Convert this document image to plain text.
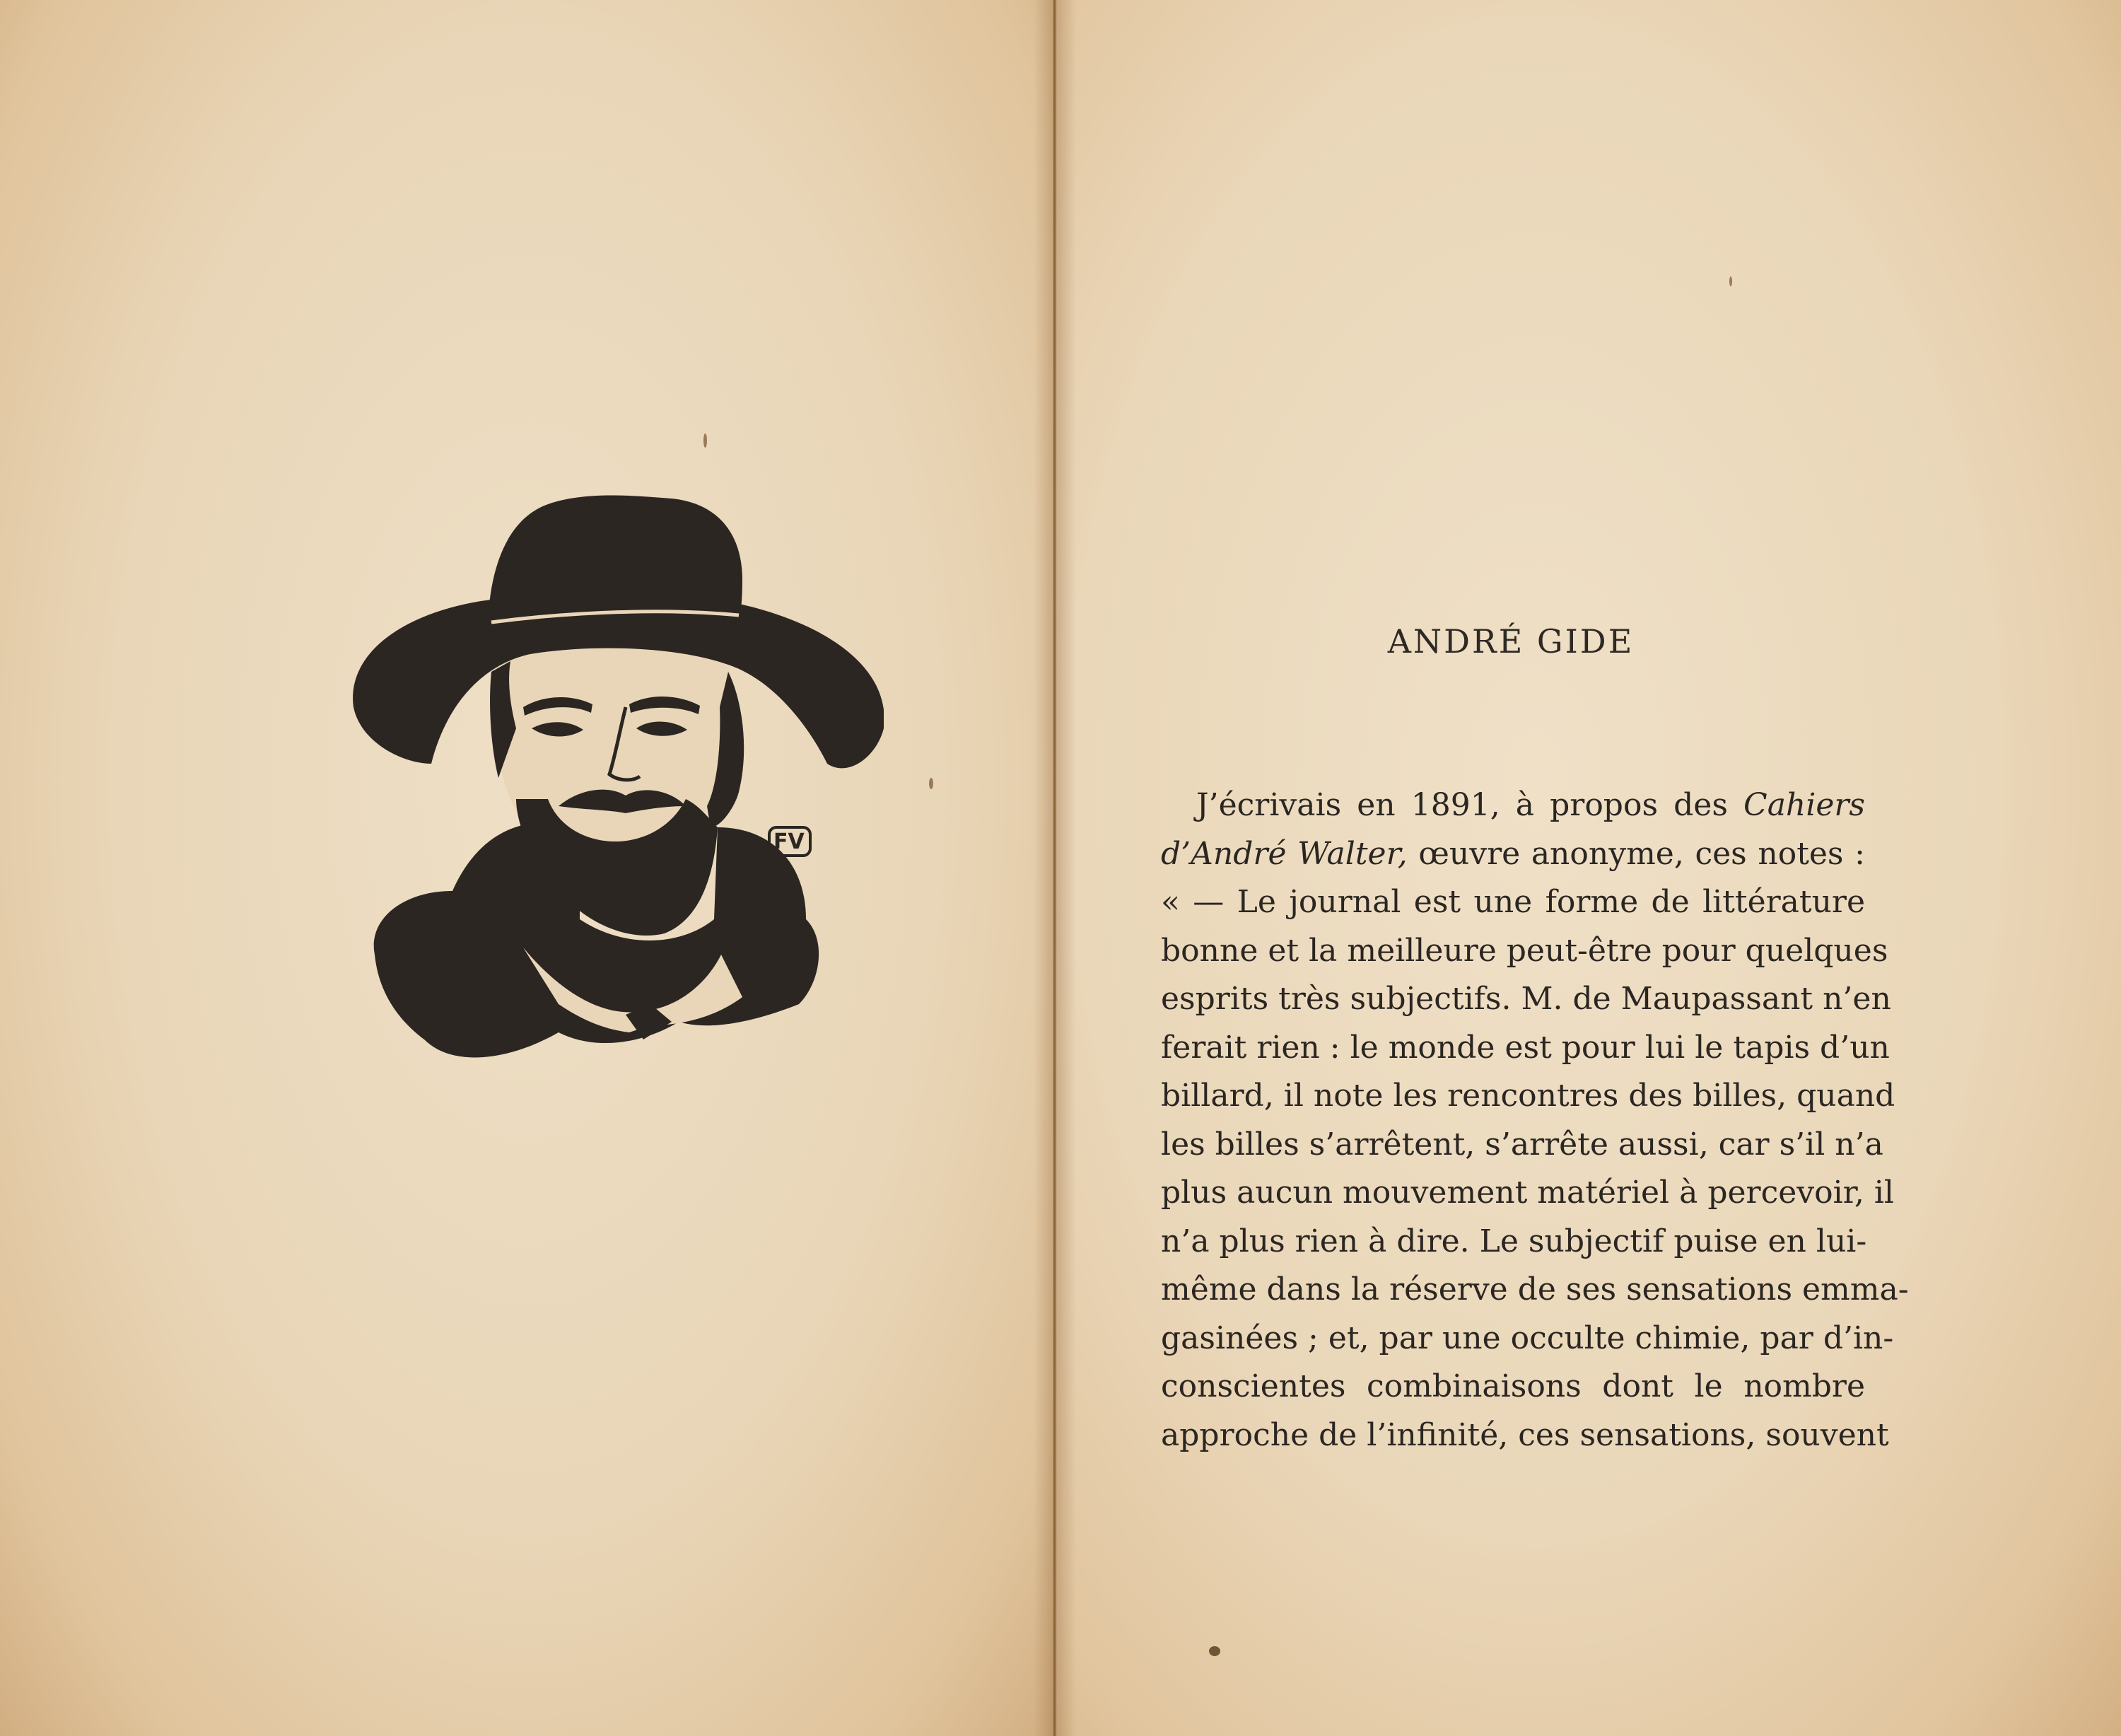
FV
ANDRÉ GIDE
J’écrivais en 1891, à propos des Cahiers
d’André Walter, œuvre anonyme, ces notes :
« — Le journal est une forme de littérature
bonne et la meilleure peut-être pour quelques
esprits très subjectifs. M. de Maupassant n’en
ferait rien : le monde est pour lui le tapis d’un
billard, il note les rencontres des billes, quand
les billes s’arrêtent, s’arrête aussi, car s’il n’a
plus aucun mouvement matériel à percevoir, il
n’a plus rien à dire. Le subjectif puise en lui-
même dans la réserve de ses sensations emma-
gasinées ; et, par une occulte chimie, par d’in-
conscientes combinaisons dont le nombre
approche de l’infinité, ces sensations, souvent
